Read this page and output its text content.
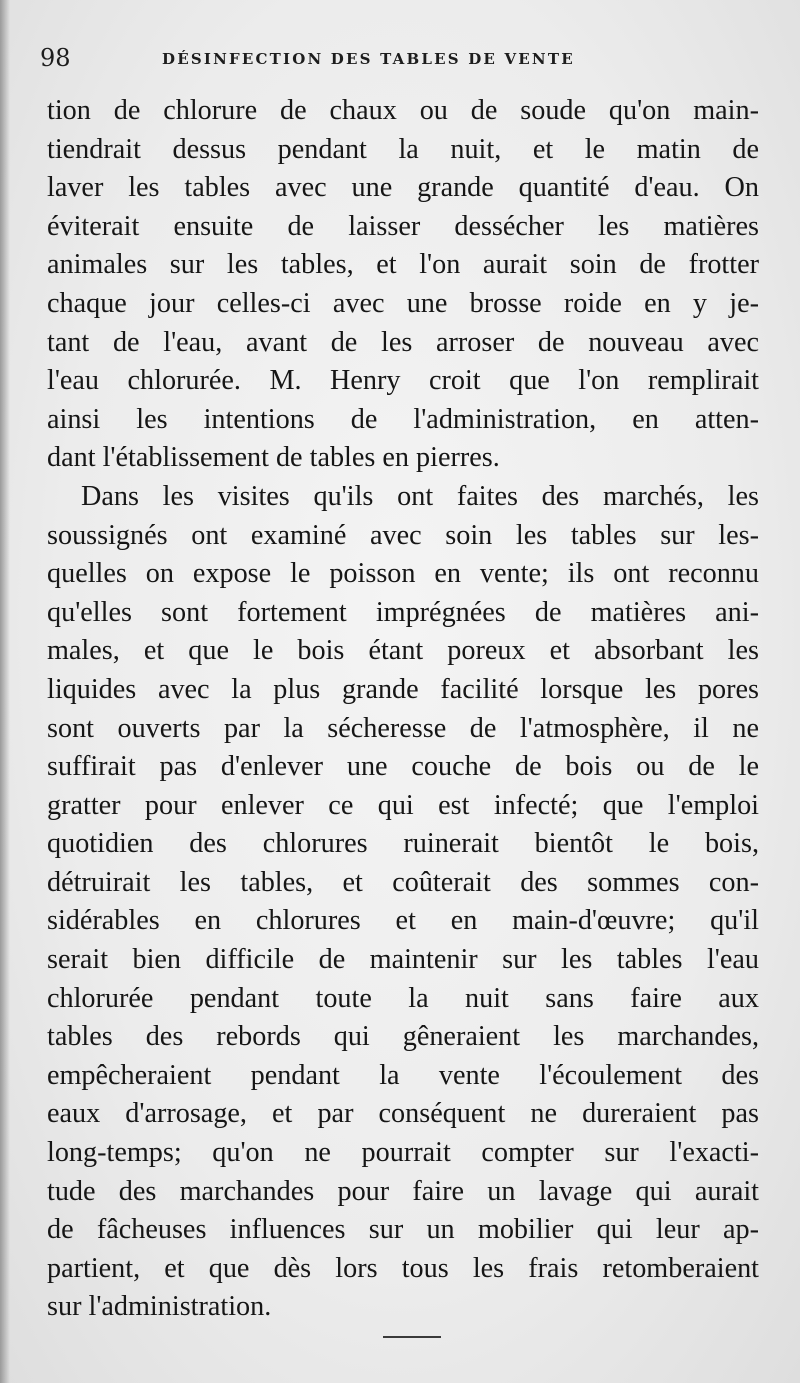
98	DÉSINFECTION DES TABLES DE VENTE

tion de chlorure de chaux ou de soude qu'on main-
tiendrait dessus pendant la nuit, et le matin de
laver les tables avec une grande quantité d'eau. On
éviterait ensuite de laisser dessécher les matières
animales sur les tables, et l'on aurait soin de frotter
chaque jour celles-ci avec une brosse roide en y je-
tant de l'eau, avant de les arroser de nouveau avec
l'eau chlorurée. M. Henry croit que l'on remplirait
ainsi les intentions de l'administration, en atten-
dant l'établissement de tables en pierres.

Dans les visites qu'ils ont faites des marchés, les
soussignés ont examiné avec soin les tables sur les-
quelles on expose le poisson en vente; ils ont reconnu
qu'elles sont fortement imprégnées de matières ani-
males, et que le bois étant poreux et absorbant les
liquides avec la plus grande facilité lorsque les pores
sont ouverts par la sécheresse de l'atmosphère, il ne
suffirait pas d'enlever une couche de bois ou de le
gratter pour enlever ce qui est infecté; que l'emploi
quotidien des chlorures ruinerait bientôt le bois,
détruirait les tables, et coûterait des sommes con-
sidérables en chlorures et en main-d'œuvre; qu'il
serait bien difficile de maintenir sur les tables l'eau
chlorurée pendant toute la nuit sans faire aux
tables des rebords qui gêneraient les marchandes,
empêcheraient pendant la vente l'écoulement des
eaux d'arrosage, et par conséquent ne dureraient pas
long-temps; qu'on ne pourrait compter sur l'exacti-
tude des marchandes pour faire un lavage qui aurait
de fâcheuses influences sur un mobilier qui leur ap-
partient, et que dès lors tous les frais retomberaient
sur l'administration.
